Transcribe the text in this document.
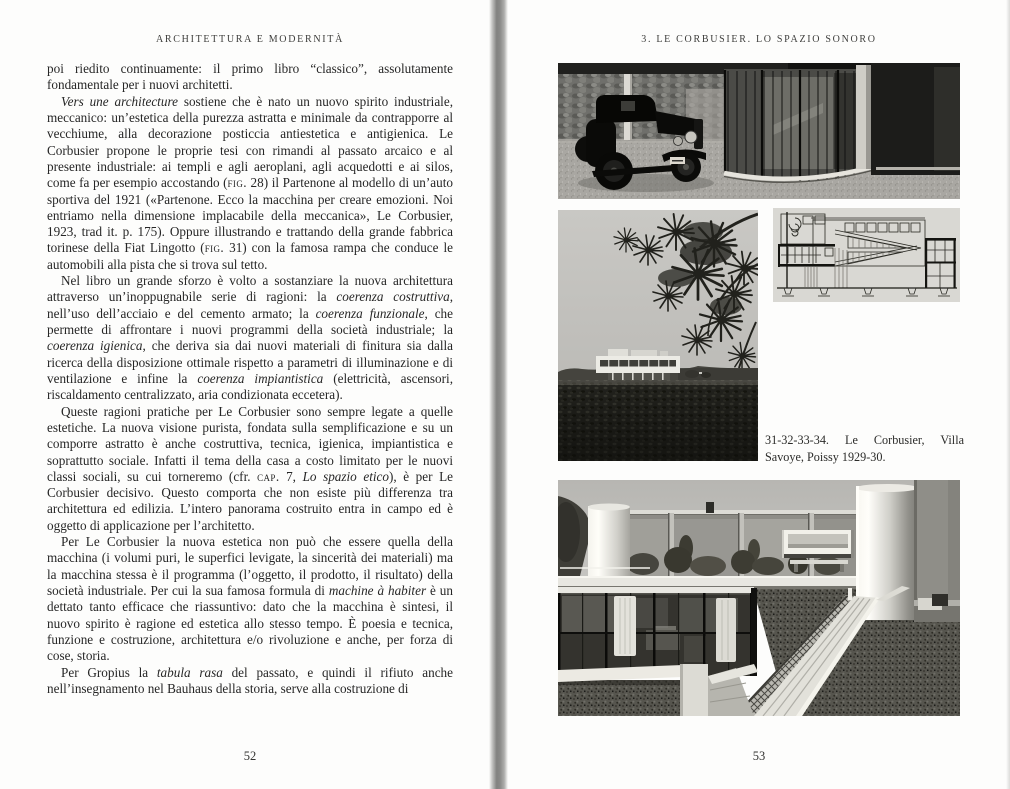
ARCHITETTURA E MODERNITÀ

poi riedito continuamente: il primo libro “classico”, assolutamente fondamentale per i nuovi architetti.

Vers une architecture sostiene che è nato un nuovo spirito industriale, meccanico: un’estetica della purezza astratta e minimale da contrapporre al vecchiume, alla decorazione posticcia antiestetica e antigienica. Le Corbusier propone le proprie tesi con rimandi al passato arcaico e al presente industriale: ai templi e agli aeroplani, agli acquedotti e ai silos, come fa per esempio accostando (fig. 28) il Partenone al modello di un’auto sportiva del 1921 («Partenone. Ecco la macchina per creare emozioni. Noi entriamo nella dimensione implacabile della meccanica», Le Corbusier, 1923, trad it. p. 175). Oppure illustrando e trattando della grande fabbrica torinese della Fiat Lingotto (fig. 31) con la famosa rampa che conduce le automobili alla pista che si trova sul tetto.

Nel libro un grande sforzo è volto a sostanziare la nuova architettura attraverso un’inoppugnabile serie di ragioni: la coerenza costruttiva, nell’uso dell’acciaio e del cemento armato; la coerenza funzionale, che permette di affrontare i nuovi programmi della società industriale; la coerenza igienica, che deriva sia dai nuovi materiali di finitura sia dalla ricerca della disposizione ottimale rispetto a parametri di illuminazione e di ventilazione e infine la coerenza impiantistica (elettricità, ascensori, riscaldamento centralizzato, aria condizionata eccetera).

Queste ragioni pratiche per Le Corbusier sono sempre legate a quelle estetiche. La nuova visione purista, fondata sulla semplificazione e su un comporre astratto è anche costruttiva, tecnica, igienica, impiantistica e soprattutto sociale. Infatti il tema della casa a costo limitato per le nuovi classi sociali, su cui torneremo (cfr. cap. 7, Lo spazio etico), è per Le Corbusier decisivo. Questo comporta che non esiste più differenza tra architettura ed edilizia. L’intero panorama costruito entra in campo ed è oggetto di applicazione per l’architetto.

Per Le Corbusier la nuova estetica non può che essere quella della macchina (i volumi puri, le superfici levigate, la sincerità dei materiali) ma la macchina stessa è il programma (l’oggetto, il prodotto, il risultato) della società industriale. Per cui la sua famosa formula di machine à habiter è un dettato tanto efficace che riassuntivo: dato che la macchina è sintesi, il nuovo spirito è ragione ed estetica allo stesso tempo. È poesia e tecnica, funzione e costruzione, architettura e/o rivoluzione e anche, per forza di cose, storia.

Per Gropius la tabula rasa del passato, e quindi il rifiuto anche nell’insegnamento nel Bauhaus della storia, serve alla costruzione di

52
3. LE CORBUSIER. LO SPAZIO SONORO
31-32-33-34. Le Corbusier, Villa Savoye, Poissy 1929-30.
53
